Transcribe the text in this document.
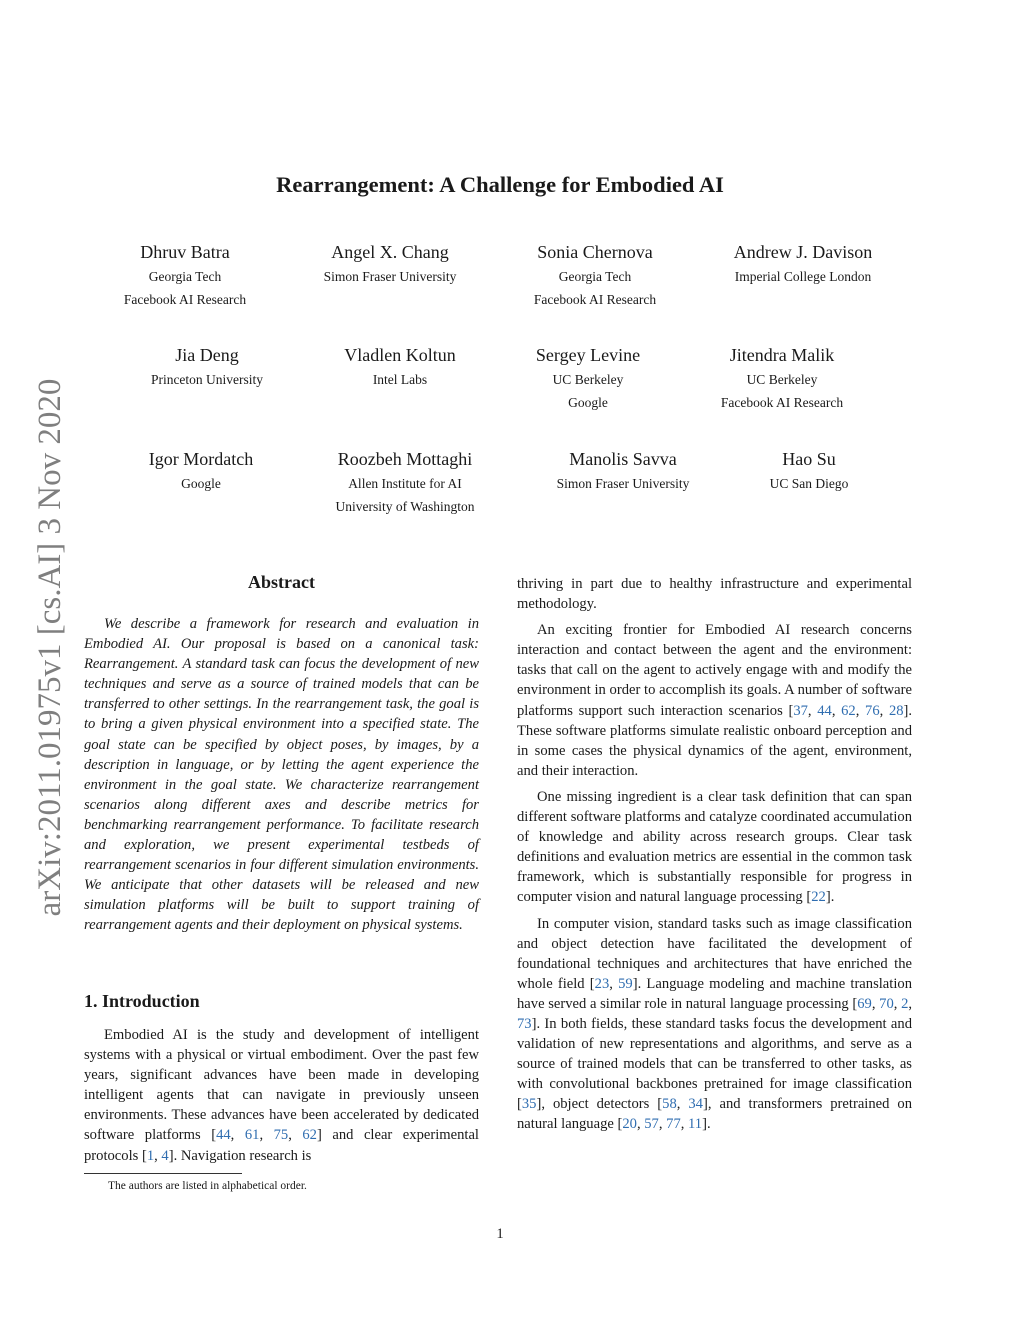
arXiv:2011.01975v1 [cs.AI] 3 Nov 2020
Rearrangement: A Challenge for Embodied AI
Dhruv Batra
Georgia Tech
Facebook AI Research
Angel X. Chang
Simon Fraser University
Sonia Chernova
Georgia Tech
Facebook AI Research
Andrew J. Davison
Imperial College London
Jia Deng
Princeton University
Vladlen Koltun
Intel Labs
Sergey Levine
UC Berkeley
Google
Jitendra Malik
UC Berkeley
Facebook AI Research
Igor Mordatch
Google
Roozbeh Mottaghi
Allen Institute for AI
University of Washington
Manolis Savva
Simon Fraser University
Hao Su
UC San Diego
Abstract

We describe a framework for research and evaluation in Embodied AI. Our proposal is based on a canonical task: Rearrangement. A standard task can focus the development of new techniques and serve as a source of trained models that can be transferred to other settings. In the rearrangement task, the goal is to bring a given physical environment into a specified state. The goal state can be specified by object poses, by images, by a description in language, or by letting the agent experience the environment in the goal state. We characterize rearrangement scenarios along different axes and describe metrics for benchmarking rearrangement performance. To facilitate research and exploration, we present experimental testbeds of rearrangement scenarios in four different simulation environments. We anticipate that other datasets will be released and new simulation platforms will be built to support training of rearrangement agents and their deployment on physical systems.

1. Introduction

Embodied AI is the study and development of intelligent systems with a physical or virtual embodiment. Over the past few years, significant advances have been made in developing intelligent agents that can navigate in previously unseen environments. These advances have been accelerated by dedicated software platforms [44, 61, 75, 62] and clear experimental protocols [1, 4]. Navigation research is

The authors are listed in alphabetical order.

thriving in part due to healthy infrastructure and experimental methodology.

An exciting frontier for Embodied AI research concerns interaction and contact between the agent and the environment: tasks that call on the agent to actively engage with and modify the environment in order to accomplish its goals. A number of software platforms support such interaction scenarios [37, 44, 62, 76, 28]. These software platforms simulate realistic onboard perception and in some cases the physical dynamics of the agent, environment, and their interaction.

One missing ingredient is a clear task definition that can span different software platforms and catalyze coordinated accumulation of knowledge and ability across research groups. Clear task definitions and evaluation metrics are essential in the common task framework, which is substantially responsible for progress in computer vision and natural language processing [22].

In computer vision, standard tasks such as image classification and object detection have facilitated the development of foundational techniques and architectures that have enriched the whole field [23, 59]. Language modeling and machine translation have served a similar role in natural language processing [69, 70, 2, 73]. In both fields, these standard tasks focus the development and validation of new representations and algorithms, and serve as a source of trained models that can be transferred to other tasks, as with convolutional backbones pretrained for image classification [35], object detectors [58, 34], and transformers pretrained on natural language [20, 57, 77, 11].

1
